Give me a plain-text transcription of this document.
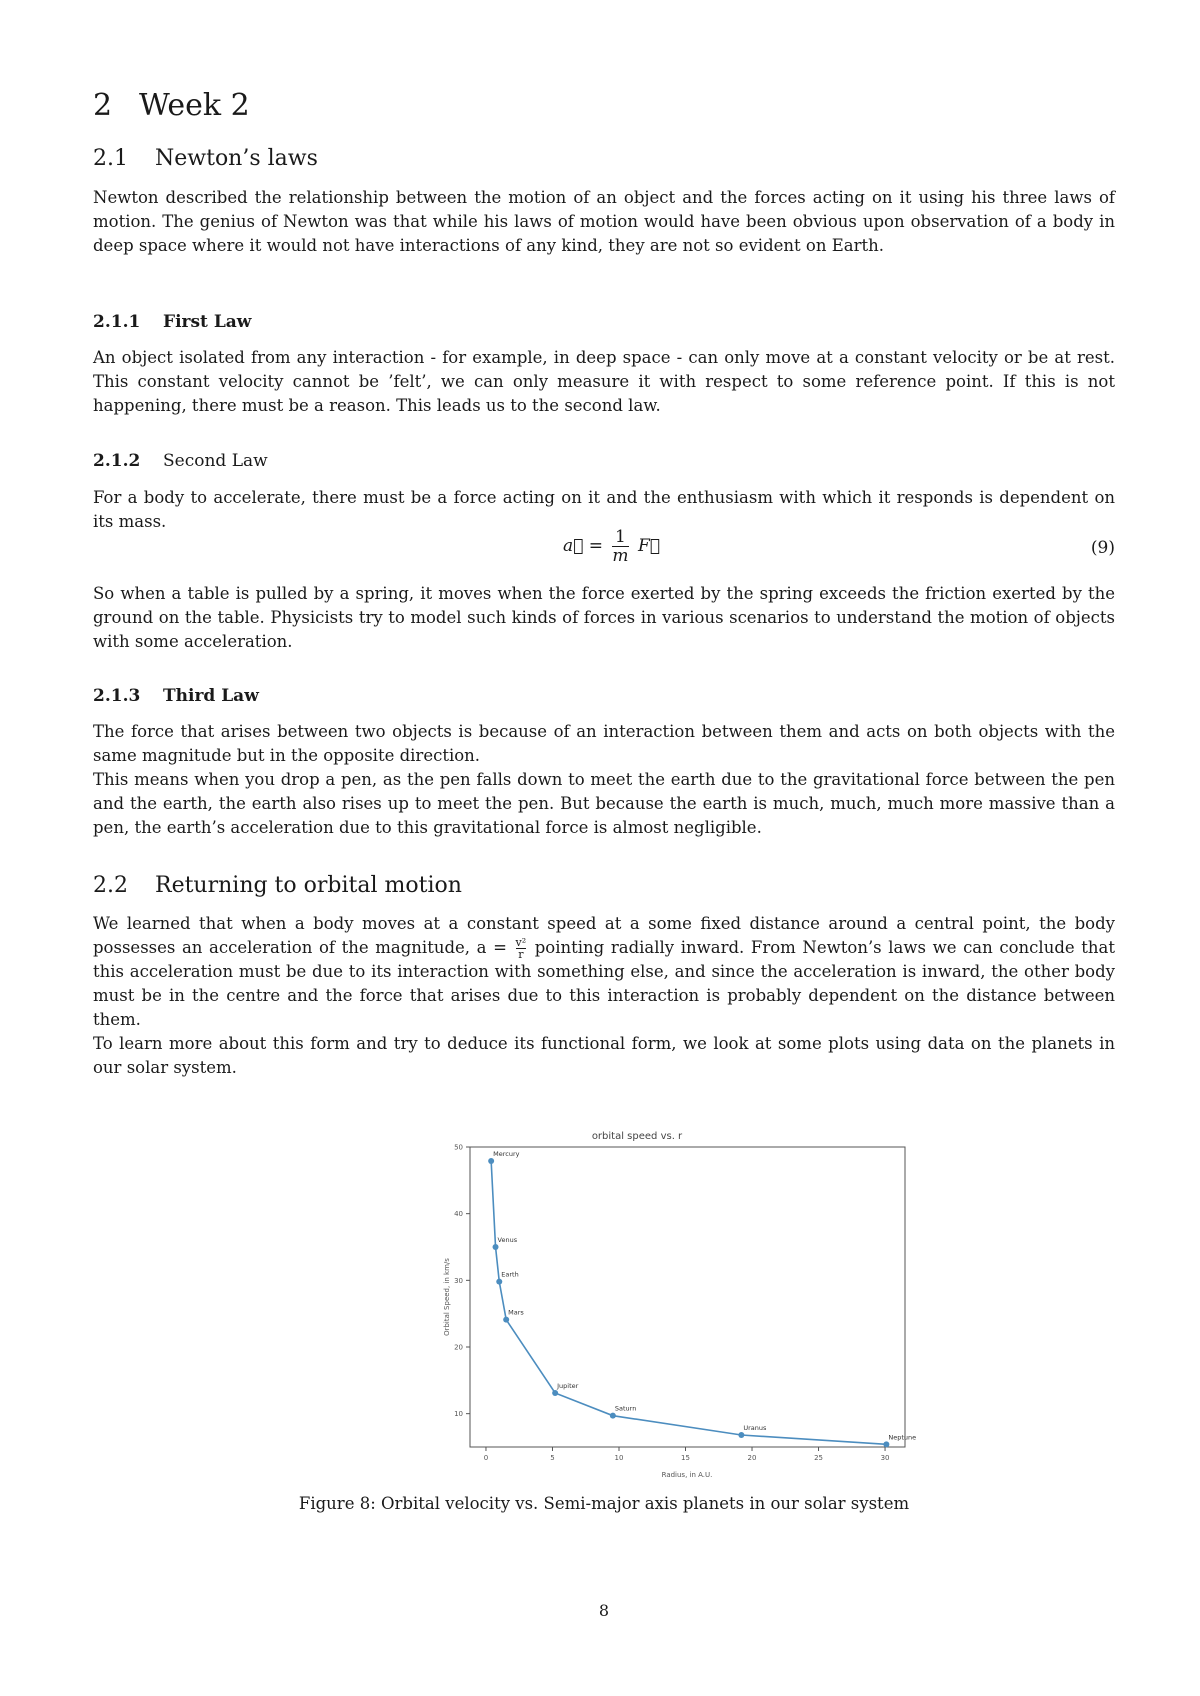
2 Week 2
2.1 Newton’s laws

Newton described the relationship between the motion of an object and the forces acting on it using his three laws of motion. The genius of Newton was that while his laws of motion would have been obvious upon observation of a body in deep space where it would not have interactions of any kind, they are not so evident on Earth.

2.1.1 First Law

An object isolated from any interaction - for example, in deep space - can only move at a constant velocity or be at rest. This constant velocity cannot be ’felt’, we can only measure it with respect to some reference point. If this is not happening, there must be a reason. This leads us to the second law.

2.1.2 Second Law

For a body to accelerate, there must be a force acting on it and the enthusiasm with which it responds is dependent on its mass.

a⃗ = $\frac{1}{m}$ F⃗	(9)

So when a table is pulled by a spring, it moves when the force exerted by the spring exceeds the friction exerted by the ground on the table. Physicists try to model such kinds of forces in various scenarios to understand the motion of objects with some acceleration.

2.1.3 Third Law

The force that arises between two objects is because of an interaction between them and acts on both objects with the same magnitude but in the opposite direction.

This means when you drop a pen, as the pen falls down to meet the earth due to the gravitational force between the pen and the earth, the earth also rises up to meet the pen. But because the earth is much, much, much more massive than a pen, the earth’s acceleration due to this gravitational force is almost negligible.

2.2 Returning to orbital motion

We learned that when a body moves at a constant speed at a some fixed distance around a central point, the body possesses an acceleration of the magnitude, $a = \frac{\text{v²}}{r}$ pointing radially inward. From Newton’s laws we can conclude that this acceleration must be due to its interaction with something else, and since the acceleration is inward, the other body must be in the centre and the force that arises due to this interaction is probably dependent on the distance between them.

To learn more about this form and try to deduce its functional form, we look at some plots using data on the planets in our solar system.

orbital speed vs. r
0	5	10	15	20	25	30
10
20
30
40
50
Mercury
Venus
Earth
Mars
Jupiter
Saturn
Uranus
Neptune
Radius, in A.U.
Orbital Speed, in km/s
Figure 8: Orbital velocity vs. Semi-major axis planets in our solar system
8
